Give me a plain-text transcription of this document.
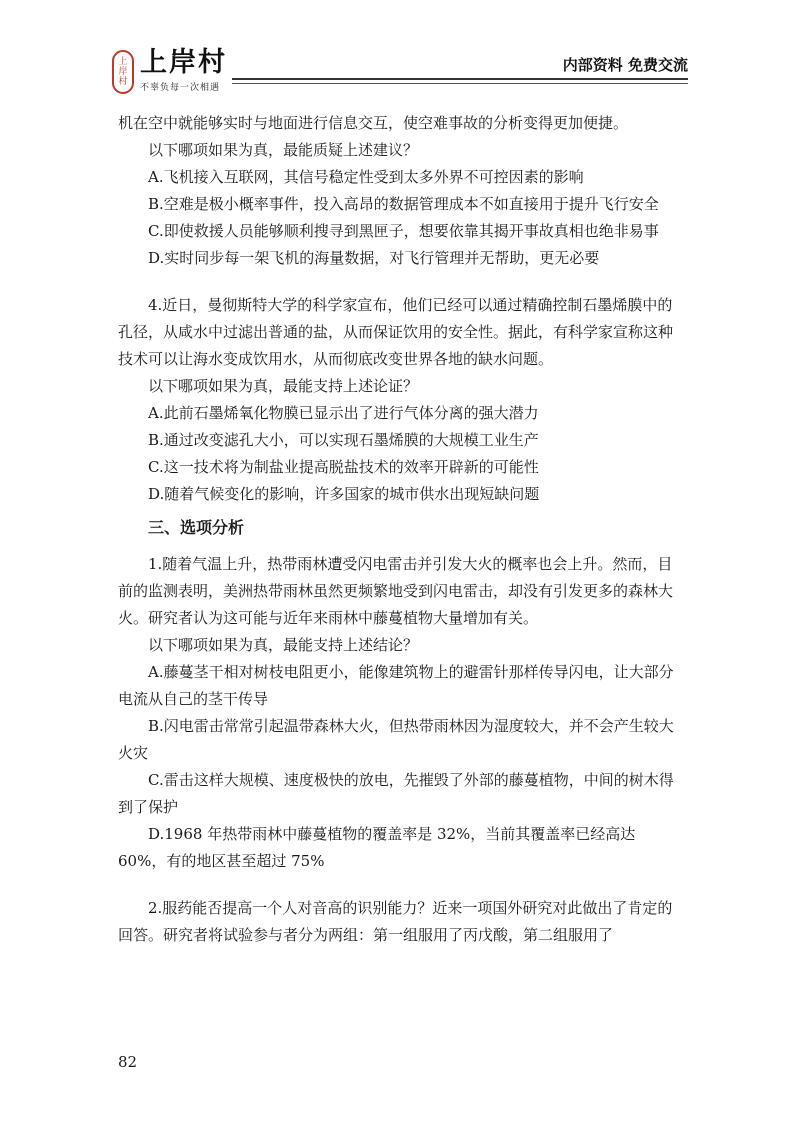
上
岸
村
上岸村
不辜负每一次相遇
内部资料 免费交流

机在空中就能够实时与地面进行信息交互，使空难事故的分析变得更加便捷。

以下哪项如果为真，最能质疑上述建议？

A.飞机接入互联网，其信号稳定性受到太多外界不可控因素的影响

B.空难是极小概率事件，投入高昂的数据管理成本不如直接用于提升飞行安全

C.即使救援人员能够顺利搜寻到黑匣子，想要依靠其揭开事故真相也绝非易事

D.实时同步每一架飞机的海量数据，对飞行管理并无帮助，更无必要

4.近日，曼彻斯特大学的科学家宣布，他们已经可以通过精确控制石墨烯膜中的孔径，从咸水中过滤出普通的盐，从而保证饮用的安全性。据此，有科学家宣称这种技术可以让海水变成饮用水，从而彻底改变世界各地的缺水问题。

以下哪项如果为真，最能支持上述论证？

A.此前石墨烯氧化物膜已显示出了进行气体分离的强大潜力

B.通过改变滤孔大小，可以实现石墨烯膜的大规模工业生产

C.这一技术将为制盐业提高脱盐技术的效率开辟新的可能性

D.随着气候变化的影响，许多国家的城市供水出现短缺问题

三、选项分析

1.随着气温上升，热带雨林遭受闪电雷击并引发大火的概率也会上升。然而，目前的监测表明，美洲热带雨林虽然更频繁地受到闪电雷击，却没有引发更多的森林大火。研究者认为这可能与近年来雨林中藤蔓植物大量增加有关。

以下哪项如果为真，最能支持上述结论？

A.藤蔓茎干相对树枝电阻更小，能像建筑物上的避雷针那样传导闪电，让大部分电流从自己的茎干传导

B.闪电雷击常常引起温带森林大火，但热带雨林因为湿度较大，并不会产生较大火灾

C.雷击这样大规模、速度极快的放电，先摧毁了外部的藤蔓植物，中间的树木得到了保护

D.1968 年热带雨林中藤蔓植物的覆盖率是 32%，当前其覆盖率已经高达 60%，有的地区甚至超过 75%

2.服药能否提高一个人对音高的识别能力？近来一项国外研究对此做出了肯定的回答。研究者将试验参与者分为两组：第一组服用了丙戊酸，第二组服用了

82
